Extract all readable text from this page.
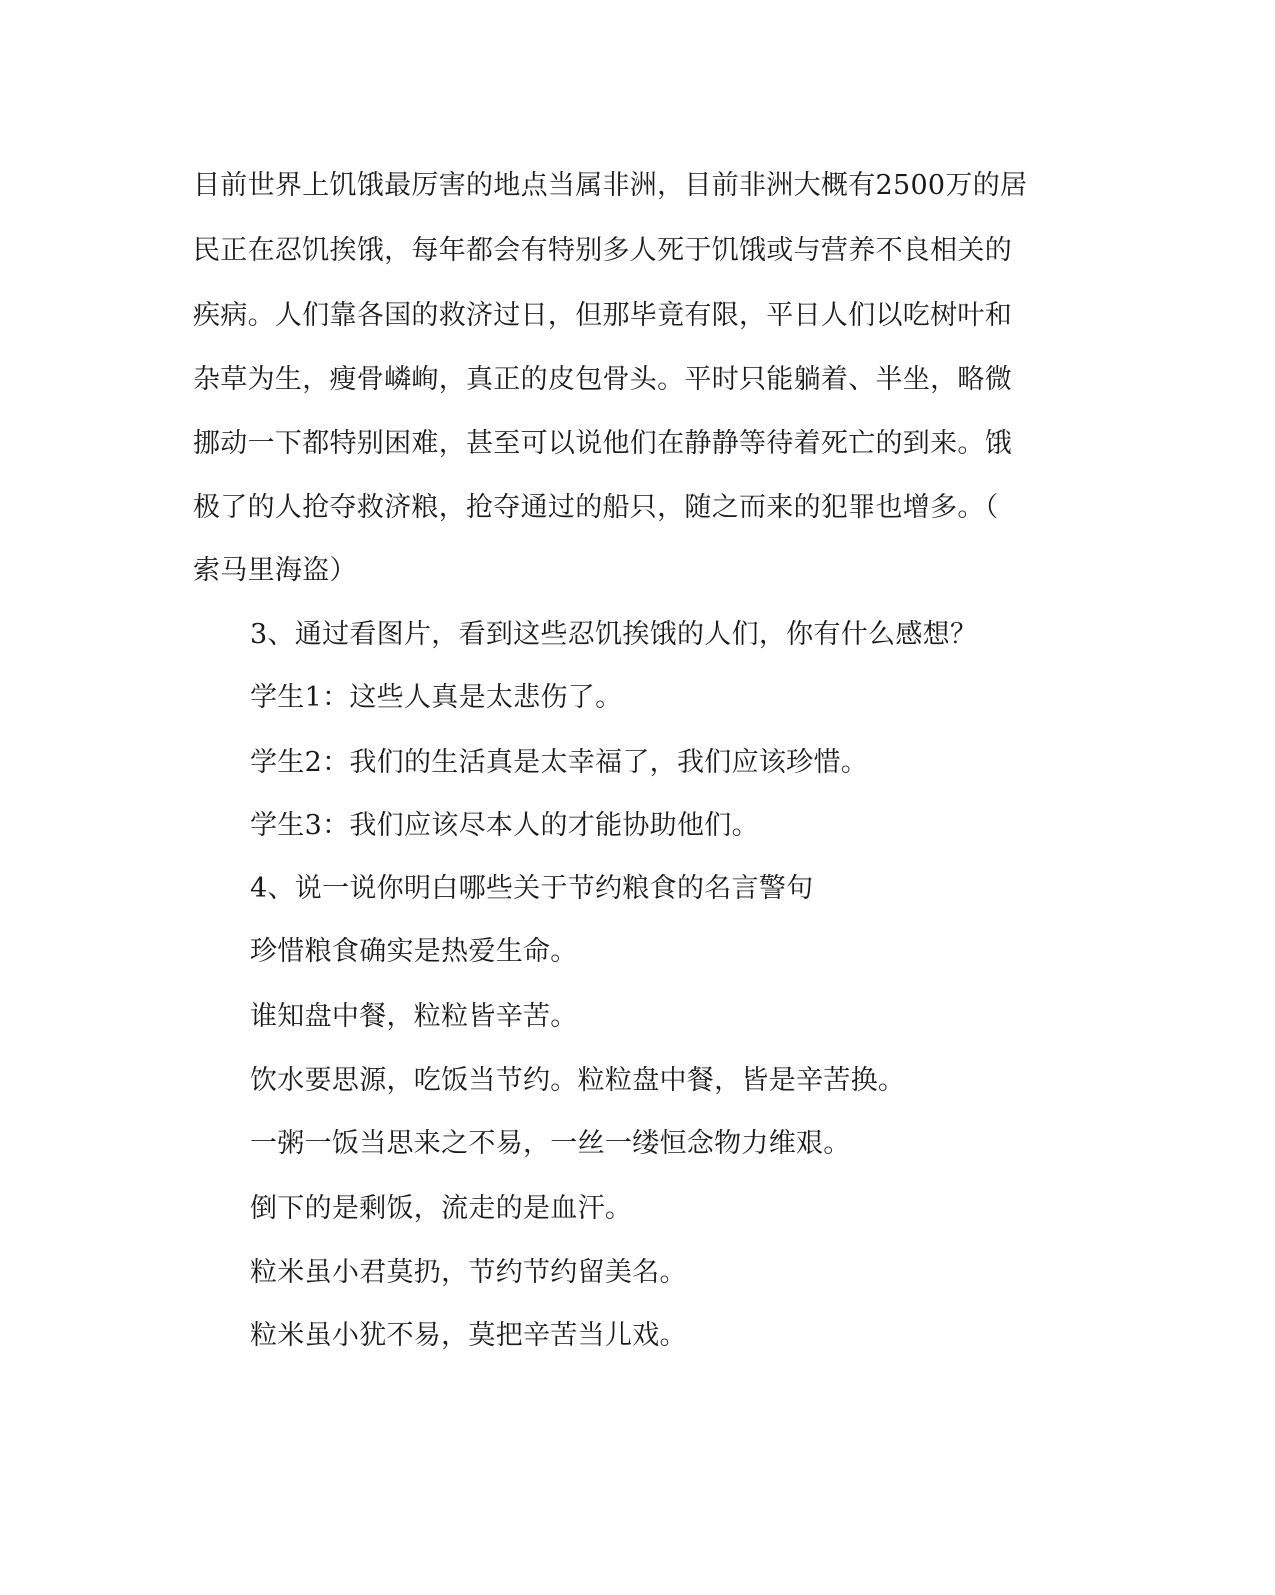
目前世界上饥饿最厉害的地点当属非洲，目前非洲大概有2500万的居
民正在忍饥挨饿，每年都会有特别多人死于饥饿或与营养不良相关的
疾病。人们靠各国的救济过日，但那毕竟有限，平日人们以吃树叶和
杂草为生，瘦骨嶙峋，真正的皮包骨头。平时只能躺着、半坐，略微
挪动一下都特别困难，甚至可以说他们在静静等待着死亡的到来。饿
极了的人抢夺救济粮，抢夺通过的船只，随之而来的犯罪也增多。（
索马里海盗）
3、通过看图片，看到这些忍饥挨饿的人们，你有什么感想？
学生1：这些人真是太悲伤了。
学生2：我们的生活真是太幸福了，我们应该珍惜。
学生3：我们应该尽本人的才能协助他们。
4、说一说你明白哪些关于节约粮食的名言警句
珍惜粮食确实是热爱生命。
谁知盘中餐，粒粒皆辛苦。
饮水要思源，吃饭当节约。粒粒盘中餐，皆是辛苦换。
一粥一饭当思来之不易，一丝一缕恒念物力维艰。
倒下的是剩饭，流走的是血汗。
粒米虽小君莫扔，节约节约留美名。
粒米虽小犹不易，莫把辛苦当儿戏。
